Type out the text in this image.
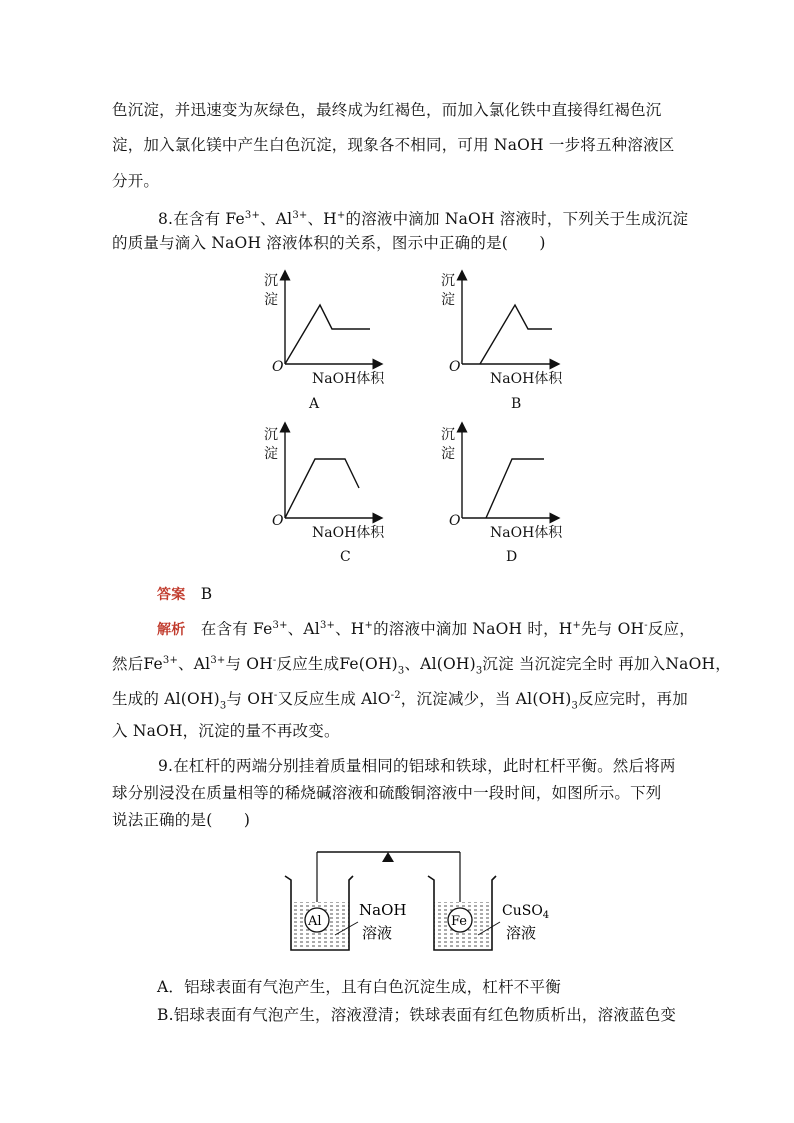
色沉淀，并迅速变为灰绿色，最终成为红褐色，而加入氯化铁中直接得红褐色沉
淀，加入氯化镁中产生白色沉淀，现象各不相同，可用 NaOH 一步将五种溶液区
分开。
8.在含有 $Fe^{3+}$、$Al^{3+}$、H+的溶液中滴加 NaOH 溶液时，下列关于生成沉淀
的质量与滴入 NaOH 溶液体积的关系，图示中正确的是(　　)
沉
淀
O
NaOH体积
A
沉
淀
O
NaOH体积
B
沉
淀
O
NaOH体积
C
沉
淀
O
NaOH体积
D
答案 B
解析 在含有 $Fe^{3+}$、$Al^{3+}$、H+的溶液中滴加 NaOH 时，H+先与 OH-反应，
然后$Fe^{3+}$、$Al^{3+}$与 OH-反应生成$Fe(OH)_3$、$Al(OH)_3$沉淀 当沉淀完全时 再加入NaOH，
生成的 $Al(OH)_3$与 OH-又反应生成 AlO$^{-2}$，沉淀减少，当 $Al(OH)_3$反应完时，再加
入 NaOH，沉淀的量不再改变。
9.在杠杆的两端分别挂着质量相同的铝球和铁球，此时杠杆平衡。然后将两
球分别浸没在质量相等的稀烧碱溶液和硫酸铜溶液中一段时间，如图所示。下列
说法正确的是(　　)
Al
NaOH
溶液
Fe
CuSO$_4$
溶液
A．铝球表面有气泡产生，且有白色沉淀生成，杠杆不平衡
B.铝球表面有气泡产生，溶液澄清；铁球表面有红色物质析出，溶液蓝色变
